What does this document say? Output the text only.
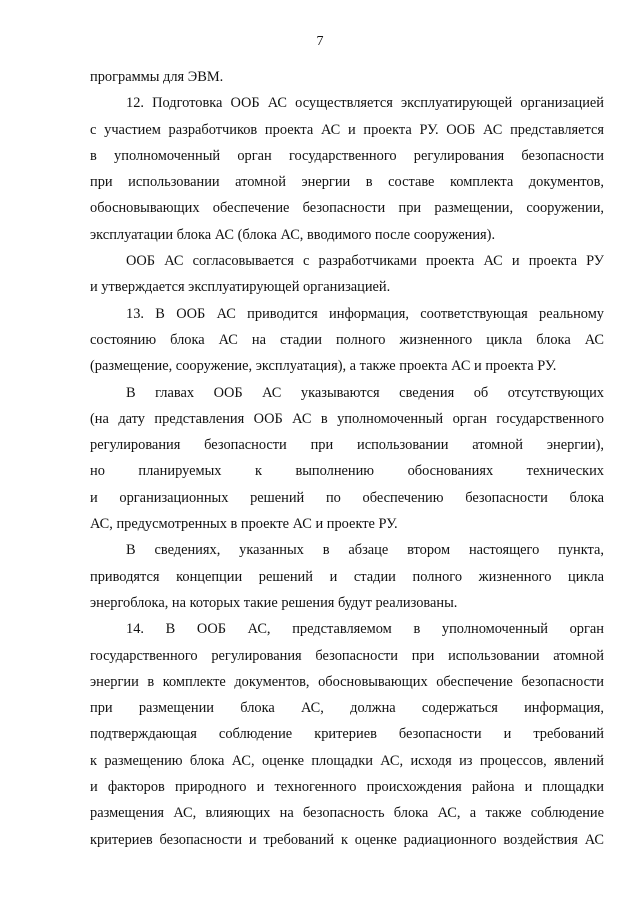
7
программы для ЭВМ.
12. Подготовка ООБ АС осуществляется эксплуатирующей организацией
с участием разработчиков проекта АС и проекта РУ. ООБ АС представляется
в уполномоченный орган государственного регулирования безопасности
при использовании атомной энергии в составе комплекта документов,
обосновывающих обеспечение безопасности при размещении, сооружении,
эксплуатации блока АС (блока АС, вводимого после сооружения).
ООБ АС согласовывается с разработчиками проекта АС и проекта РУ
и утверждается эксплуатирующей организацией.
13. В ООБ АС приводится информация, соответствующая реальному
состоянию блока АС на стадии полного жизненного цикла блока АС
(размещение, сооружение, эксплуатация), а также проекта АС и проекта РУ.
В главах ООБ АС указываются сведения об отсутствующих
(на дату представления ООБ АС в уполномоченный орган государственного
регулирования безопасности при использовании атомной энергии),
но планируемых к выполнению обоснованиях технических
и организационных решений по обеспечению безопасности блока
АС, предусмотренных в проекте АС и проекте РУ.
В сведениях, указанных в абзаце втором настоящего пункта,
приводятся концепции решений и стадии полного жизненного цикла
энергоблока, на которых такие решения будут реализованы.
14. В ООБ АС, представляемом в уполномоченный орган
государственного регулирования безопасности при использовании атомной
энергии в комплекте документов, обосновывающих обеспечение безопасности
при размещении блока АС, должна содержаться информация,
подтверждающая соблюдение критериев безопасности и требований
к размещению блока АС, оценке площадки АС, исходя из процессов, явлений
и факторов природного и техногенного происхождения района и площадки
размещения АС, влияющих на безопасность блока АС, а также соблюдение
критериев безопасности и требований к оценке радиационного воздействия АС
